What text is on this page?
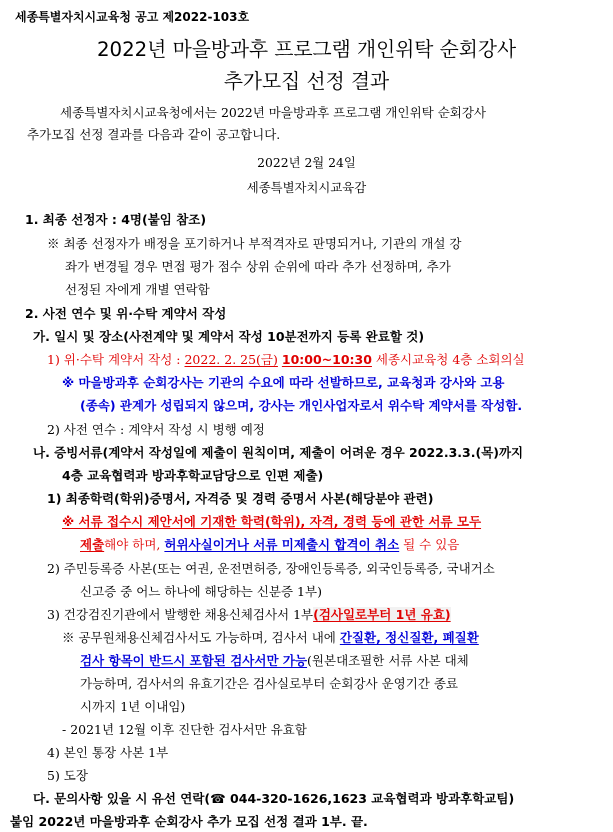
세종특별자치시교육청 공고 제2022-103호
2022년 마을방과후 프로그램 개인위탁 순회강사
추가모집 선정 결과
세종특별자치시교육청에서는 2022년 마을방과후 프로그램 개인위탁 순회강사
추가모집 선정 결과를 다음과 같이 공고합니다.
2022년 2월 24일
세종특별자치시교육감
1. 최종 선정자 : 4명(붙임 참조)
※ 최종 선정자가 배정을 포기하거나 부적격자로 판명되거나, 기관의 개설 강
좌가 변경될 경우 면접 평가 점수 상위 순위에 따라 추가 선정하며, 추가
선정된 자에게 개별 연락함
2. 사전 연수 및 위·수탁 계약서 작성
가. 일시 및 장소(사전계약 및 계약서 작성 10분전까지 등록 완료할 것)
1) 위·수탁 계약서 작성 : 2022. 2. 25(금) 10:00~10:30 세종시교육청 4층 소회의실
※ 마을방과후 순회강사는 기관의 수요에 따라 선발하므로, 교육청과 강사와 고용
(종속) 관계가 성립되지 않으며, 강사는 개인사업자로서 위수탁 계약서를 작성함.
2) 사전 연수 : 계약서 작성 시 병행 예정
나. 증빙서류(계약서 작성일에 제출이 원칙이며, 제출이 어려운 경우 2022.3.3.(목)까지
4층 교육협력과 방과후학교담당으로 인편 제출)
1) 최종학력(학위)증명서, 자격증 및 경력 증명서 사본(해당분야 관련)
※ 서류 접수시 제안서에 기재한 학력(학위), 자격, 경력 등에 관한 서류 모두
제출해야 하며, 허위사실이거나 서류 미제출시 합격이 취소 될 수 있음
2) 주민등록증 사본(또는 여권, 운전면허증, 장애인등록증, 외국인등록증, 국내거소
신고증 중 어느 하나에 해당하는 신분증 1부)
3) 건강검진기관에서 발행한 채용신체검사서 1부(검사일로부터 1년 유효)
※ 공무원채용신체검사서도 가능하며, 검사서 내에 간질환, 정신질환, 폐질환
검사 항목이 반드시 포함된 검사서만 가능(원본대조필한 서류 사본 대체
가능하며, 검사서의 유효기간은 검사실로부터 순회강사 운영기간 종료
시까지 1년 이내임)
- 2021년 12월 이후 진단한 검사서만 유효함
4) 본인 통장 사본 1부
5) 도장
다. 문의사항 있을 시 유선 연락(☎ 044-320-1626,1623 교육협력과 방과후학교팀)
붙임 2022년 마을방과후 순회강사 추가 모집 선정 결과 1부. 끝.
